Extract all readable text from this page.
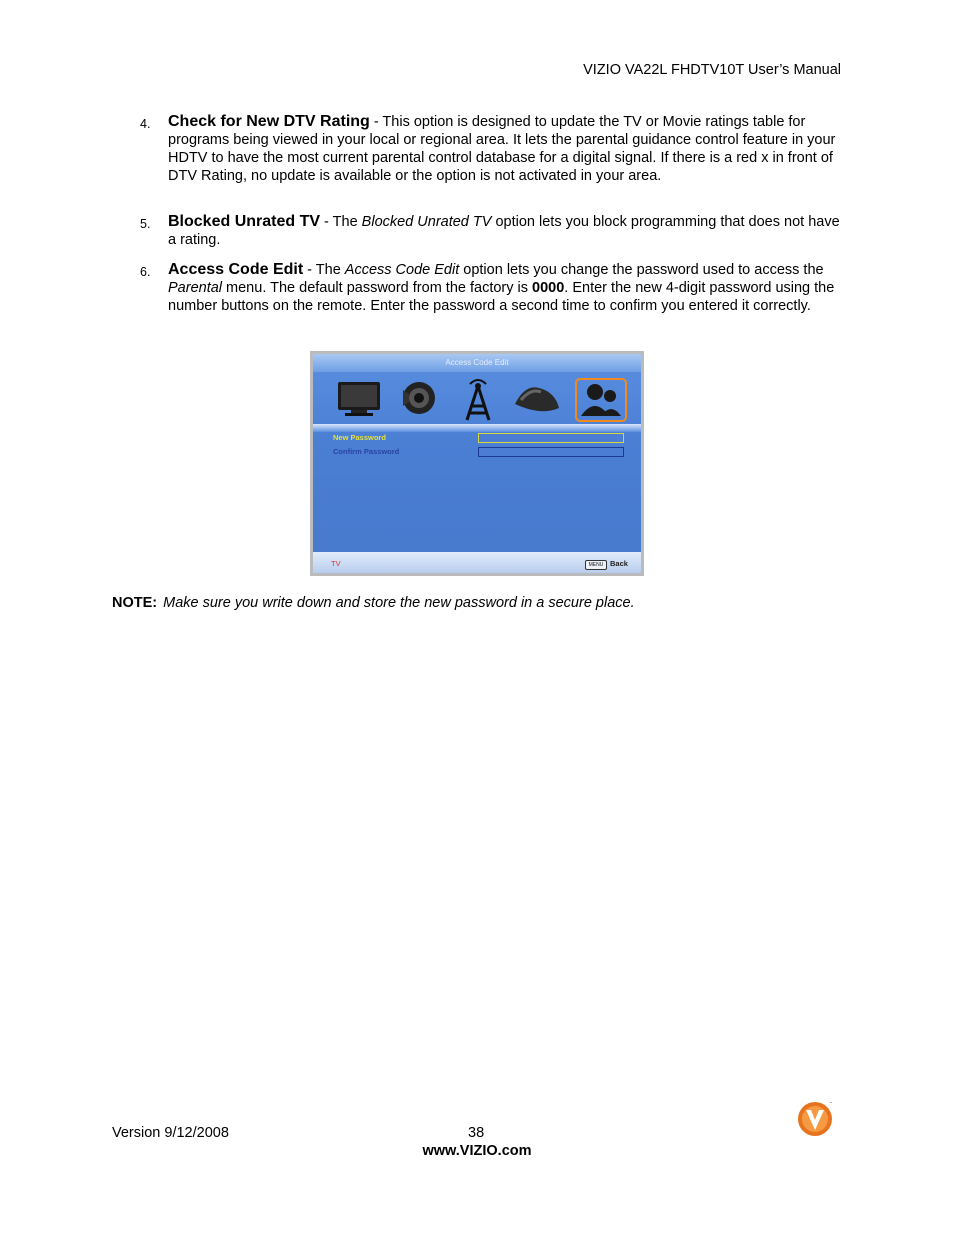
VIZIO VA22L FHDTV10T User’s Manual
4. Check for New DTV Rating - This option is designed to update the TV or Movie ratings table for programs being viewed in your local or regional area. It lets the parental guidance control feature in your HDTV to have the most current parental control database for a digital signal. If there is a red x in front of DTV Rating, no update is available or the option is not activated in your area.
5. Blocked Unrated TV - The Blocked Unrated TV option lets you block programming that does not have a rating.
6. Access Code Edit - The Access Code Edit option lets you change the password used to access the Parental menu. The default password from the factory is 0000. Enter the new 4-digit password using the number buttons on the remote. Enter the password a second time to confirm you entered it correctly.
Access Code Edit
New Password
Confirm Password
TV	MENU Back
NOTE: Make sure you write down and store the new password in a secure place.
™
Version 9/12/2008	38
www.VIZIO.com
